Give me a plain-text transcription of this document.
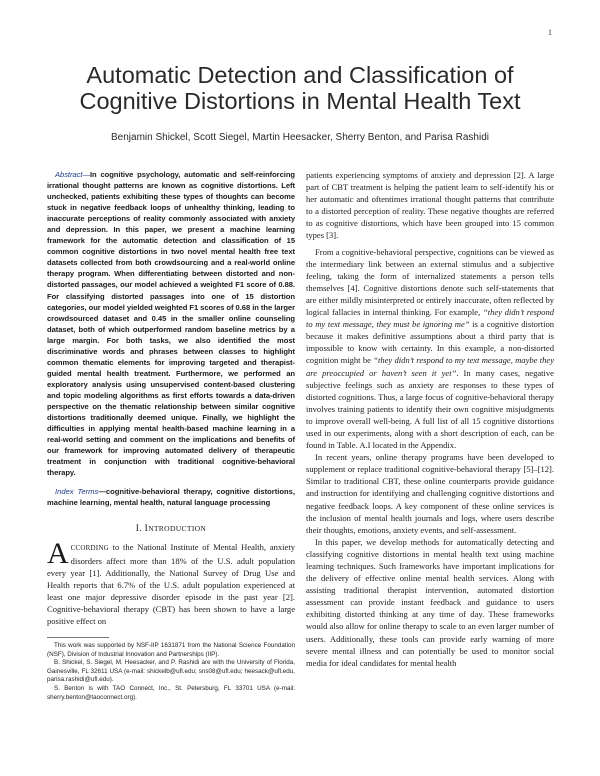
1
Automatic Detection and Classification of
Cognitive Distortions in Mental Health Text
Benjamin Shickel, Scott Siegel, Martin Heesacker, Sherry Benton, and Parisa Rashidi

Abstract—In cognitive psychology, automatic and self-reinforcing irrational thought patterns are known as cognitive distortions. Left unchecked, patients exhibiting these types of thoughts can become stuck in negative feedback loops of unhealthy thinking, leading to inaccurate perceptions of reality commonly associated with anxiety and depression. In this paper, we present a machine learning framework for the automatic detection and classification of 15 common cognitive distortions in two novel mental health free text datasets collected from both crowdsourcing and a real-world online therapy program. When differentiating between distorted and non-distorted passages, our model achieved a weighted F1 score of 0.88. For classifying distorted passages into one of 15 distortion categories, our model yielded weighted F1 scores of 0.68 in the larger crowdsourced dataset and 0.45 in the smaller online counseling dataset, both of which outperformed random baseline metrics by a large margin. For both tasks, we also identified the most discriminative words and phrases between classes to highlight common thematic elements for improving targeted and therapist-guided mental health treatment. Furthermore, we performed an exploratory analysis using unsupervised content-based clustering and topic modeling algorithms as first efforts towards a data-driven perspective on the thematic relationship between similar cognitive distortions traditionally deemed unique. Finally, we highlight the difficulties in applying mental health-based machine learning in a real-world setting and comment on the implications and benefits of our framework for improving automated delivery of therapeutic treatment in conjunction with traditional cognitive-behavioral therapy.

Index Terms—cognitive-behavioral therapy, cognitive distortions, machine learning, mental health, natural language processing

I. INTRODUCTION

ACCORDING to the National Institute of Mental Health, anxiety disorders affect more than 18% of the U.S. adult population every year [1]. Additionally, the National Survey of Drug Use and Health reports that 6.7% of the U.S. adult population experienced at least one major depressive disorder episode in the past year [2]. Cognitive-behavioral therapy (CBT) has been shown to have a large positive effect on

This work was supported by NSF-IIP 1631871 from the National Science Foundation (NSF), Division of Industrial Innovation and Partnerships (IIP).

B. Shickel, S. Siegel, M. Heesacker, and P. Rashidi are with the University of Florida, Gainesville, FL 32611 USA (e-mail: shickelb@ufl.edu; sns08@ufl.edu; heesack@ufl.edu, parisa.rashidi@ufl.edu).

S. Benton is with TAO Connect, Inc., St. Petersburg, FL 33701 USA (e-mail: sherry.benton@taoconnect.org).

patients experiencing symptoms of anxiety and depression [2]. A large part of CBT treatment is helping the patient learn to self-identify his or her automatic and oftentimes irrational thought patterns that contribute to a distorted perception of reality. These negative thoughts are referred to as cognitive distortions, which have been grouped into 15 common types [3].

From a cognitive-behavioral perspective, cognitions can be viewed as the intermediary link between an external stimulus and a subjective feeling, taking the form of internalized statements a person tells themselves [4]. Cognitive distortions denote such self-statements that are either mildly misinterpreted or entirely inaccurate, often reflected by logical fallacies in internal thinking. For example, “they didn’t respond to my text message, they must be ignoring me” is a cognitive distortion because it makes definitive assumptions about a third party that is impossible to know with certainty. In this example, a non-distorted cognition might be “they didn’t respond to my text message, maybe they are preoccupied or haven’t seen it yet”. In many cases, negative subjective feelings such as anxiety are responses to these types of distorted cognitions. Thus, a large focus of cognitive-behavioral therapy involves training patients to identify their own cognitive misjudgments to improve overall well-being. A full list of all 15 cognitive distortions used in our experiments, along with a short description of each, can be found in Table. A.I located in the Appendix.

In recent years, online therapy programs have been developed to supplement or replace traditional cognitive-behavioral therapy [5]–[12]. Similar to traditional CBT, these online counterparts provide guidance and instruction for identifying and challenging cognitive distortions and negative feedback loops. A key component of these online services is the inclusion of mental health journals and logs, where users describe their thoughts, emotions, anxiety events, and self-assessment.

In this paper, we develop methods for automatically detecting and classifying cognitive distortions in mental health text using machine learning techniques. Such frameworks have important implications for the delivery of effective online mental health services. Along with assisting traditional therapist intervention, automated distortion assessment can provide instant feedback and guidance to users exhibiting distorted thinking at any time of day. These frameworks would also allow for online therapy to scale to an even larger number of users. Additionally, these tools can provide early warning of more severe mental illness and can potentially be used to monitor social media for ideal candidates for mental health
